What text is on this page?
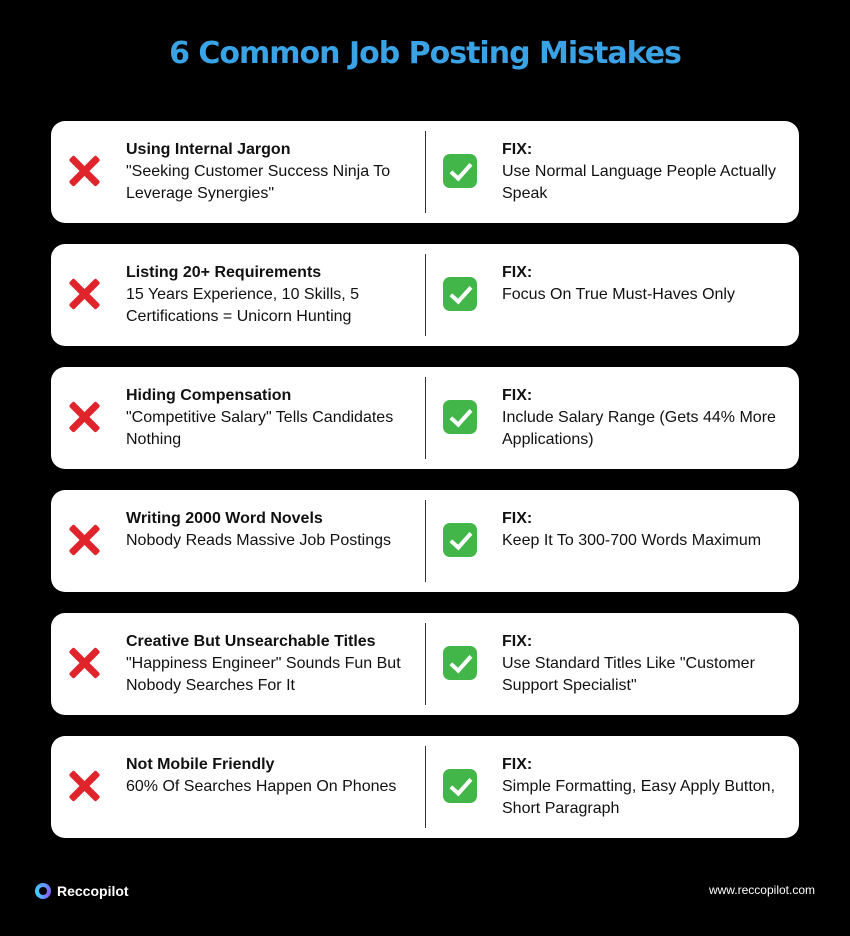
6 Common Job Posting Mistakes
Using Internal Jargon
"Seeking Customer Success Ninja To Leverage Synergies"
FIX:
Use Normal Language People Actually Speak
Listing 20+ Requirements
15 Years Experience, 10 Skills, 5 Certifications = Unicorn Hunting
FIX:
Focus On True Must-Haves Only
Hiding Compensation
"Competitive Salary" Tells Candidates Nothing
FIX:
Include Salary Range (Gets 44% More Applications)
Writing 2000 Word Novels
Nobody Reads Massive Job Postings
FIX:
Keep It To 300-700 Words Maximum
Creative But Unsearchable Titles
"Happiness Engineer" Sounds Fun But Nobody Searches For It
FIX:
Use Standard Titles Like "Customer Support Specialist"
Not Mobile Friendly
60% Of Searches Happen On Phones
FIX:
Simple Formatting, Easy Apply Button, Short Paragraph
Reccopilot	www.reccopilot.com
